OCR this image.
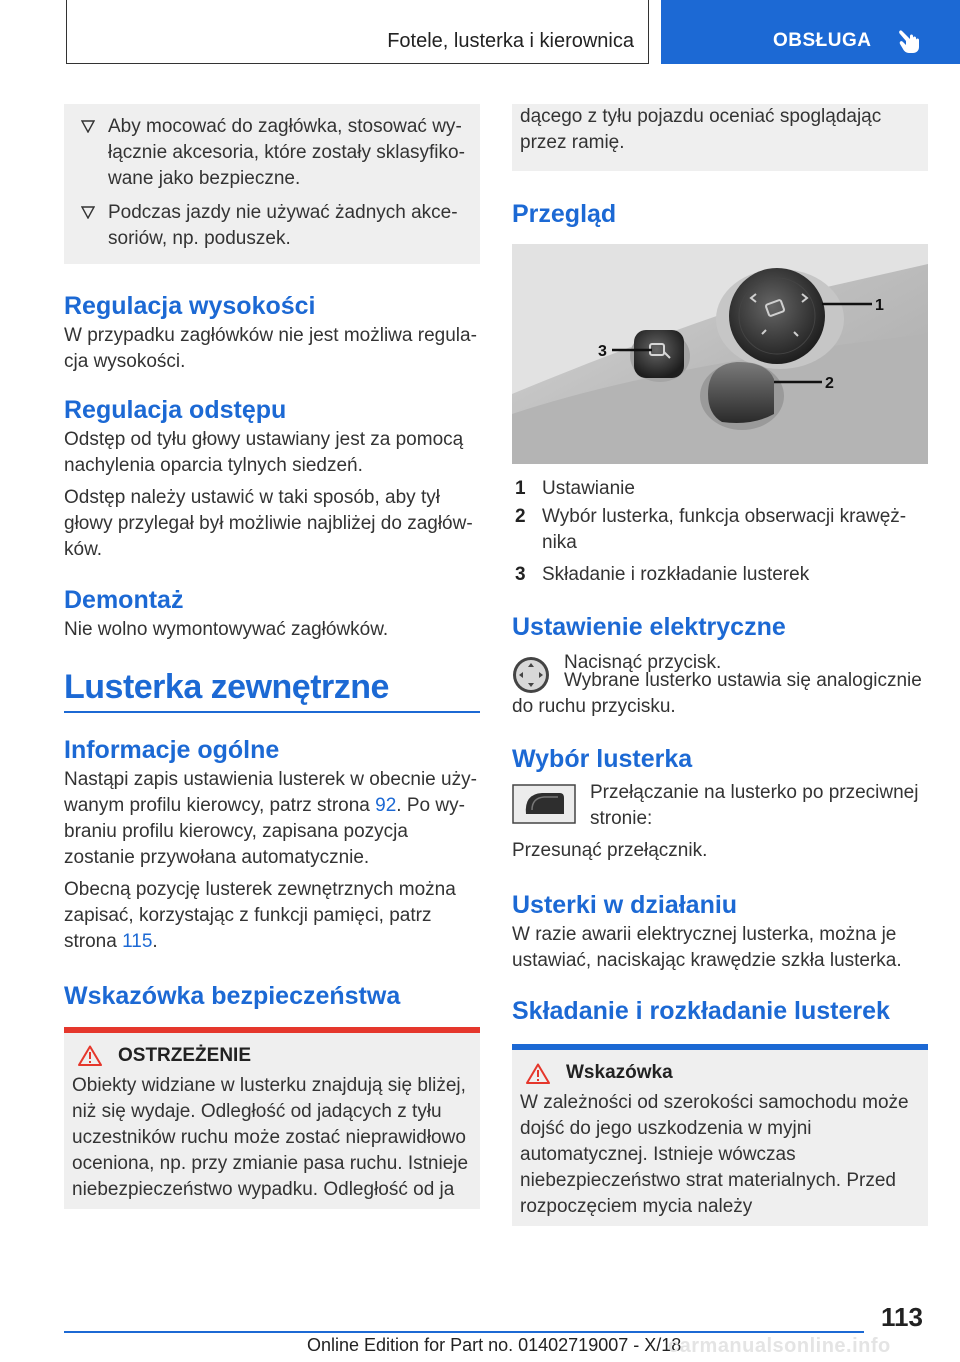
Fotele, lusterka i kierownica	OBSŁUGA
Aby mocować do zagłówka, stosować wyłącznie akcesoria, które zostały sklasyfikowane jako bezpieczne.
Podczas jazdy nie używać żadnych akcesoriów, np. poduszek.
Regulacja wysokości
W przypadku zagłówków nie jest możliwa regulacja wysokości.
Regulacja odstępu
Odstęp od tyłu głowy ustawiany jest za pomocą nachylenia oparcia tylnych siedzeń.
Odstęp należy ustawić w taki sposób, aby tył głowy przylegał był możliwie najbliżej do zagłówków.
Demontaż
Nie wolno wymontowywać zagłówków.
Lusterka zewnętrzne
Informacje ogólne
Nastąpi zapis ustawienia lusterek w obecnie używanym profilu kierowcy, patrz strona 92. Po wybraniu profilu kierowcy, zapisana pozycja zostanie przywołana automatycznie.
Obecną pozycję lusterek zewnętrznych można zapisać, korzystając z funkcji pamięci, patrz strona 115.
Wskazówka bezpieczeństwa
OSTRZEŻENIE
Obiekty widziane w lusterku znajdują się bliżej, niż się wydaje. Odległość od jadących z tyłu uczestników ruchu może zostać nieprawidłowo oceniona, np. przy zmianie pasa ruchu. Istnieje niebezpieczeństwo wypadku. Odległość od ja
dącego z tyłu pojazdu oceniać spoglądając przez ramię.
Przegląd
1
2
3
1 Ustawianie
2 Wybór lusterka, funkcja obserwacji krawężnika
3 Składanie i rozkładanie lusterek
Ustawienie elektryczne
Nacisnąć przycisk.
Wybrane lusterko ustawia się analogicznie do ruchu przycisku.
Wybór lusterka
Przełączanie na lusterko po przeciwnej stronie:
Przesunąć przełącznik.
Usterki w działaniu
W razie awarii elektrycznej lusterka, można je ustawiać, naciskając krawędzie szkła lusterka.
Składanie i rozkładanie lusterek
Wskazówka
W zależności od szerokości samochodu może dojść do jego uszkodzenia w myjni automatycznej. Istnieje wówczas niebezpieczeństwo strat materialnych. Przed rozpoczęciem mycia należy
113
Online Edition for Part no. 01402719007 - X/18
carmanualsonline.info
